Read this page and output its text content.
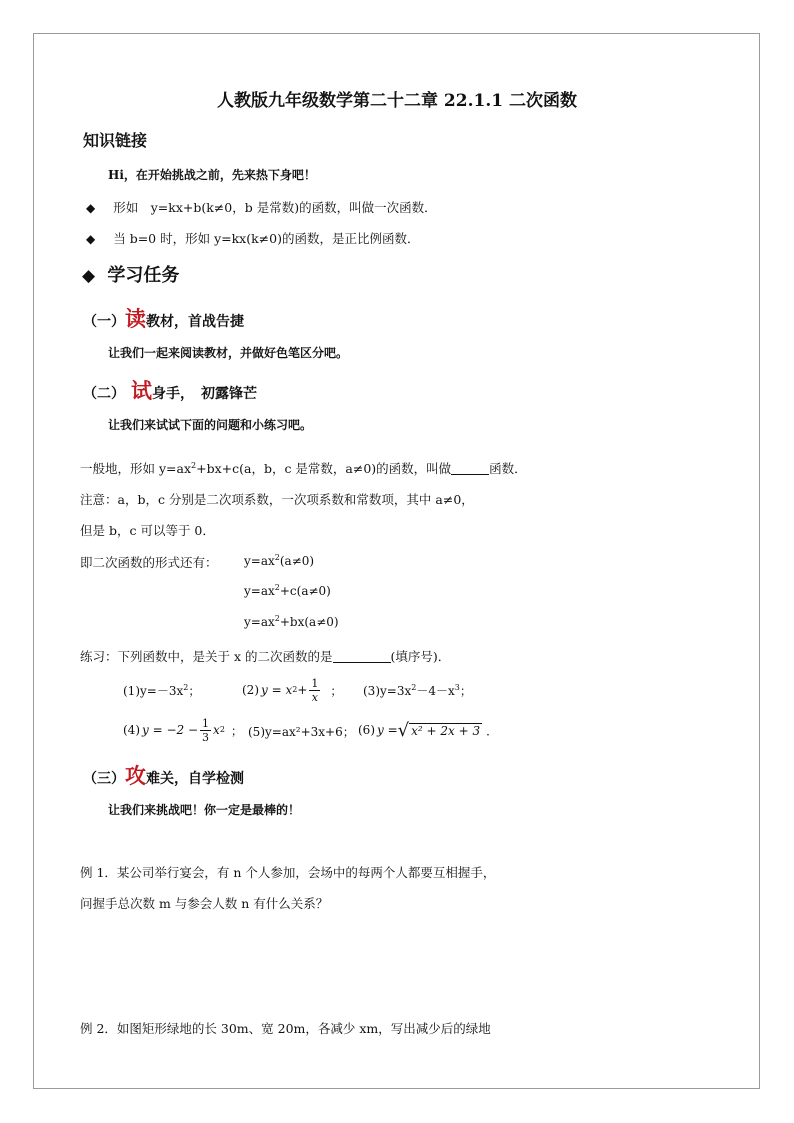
人教版九年级数学第二十二章 22.1.1 二次函数
知识链接
Hi，在开始挑战之前，先来热下身吧！
◆ 形如　y=kx+b(k≠0，b 是常数)的函数，叫做一次函数．
◆ 当 b=0 时，形如 y=kx(k≠0)的函数，是正比例函数．
◆ 学习任务
（一）读教材，首战告捷
让我们一起来阅读教材，并做好色笔区分吧。
（二） 试身手，　初露锋芒
让我们来试试下面的问题和小练习吧。
一般地，形如 $y=ax^2+bx+c(a$，b，c 是常数，a≠0)的函数，叫做	函数．
注意：a，b，c 分别是二次项系数，一次项系数和常数项，其中 a≠0，
但是 b，c 可以等于 0．
即二次函数的形式还有： $y=ax^2(a\ne 0)$
$y=ax^2+c(a\ne 0)$
$y=ax^2+bx(a\ne 0)$
练习：下列函数中，是关于 x 的二次函数的是	(填序号)．
$(1)y=-3x^2$；	(2) y = x $2 + \frac{1}{x}$ ； $(3)y=3x^2-4-x^3$；
(4) $y = -2 - \frac{1}{3}$ x 2 ； (5)y=ax²+3x+6； (6) y = √ x² + 2x + 3 ．
（三）攻难关，自学检测
让我们来挑战吧！你一定是最棒的！
例 1．某公司举行宴会，有 n 个人参加，会场中的每两个人都要互相握手，
问握手总次数 m 与参会人数 n 有什么关系？
例 2．如图矩形绿地的长 30m、宽 20m，各减少 xm，写出减少后的绿地
